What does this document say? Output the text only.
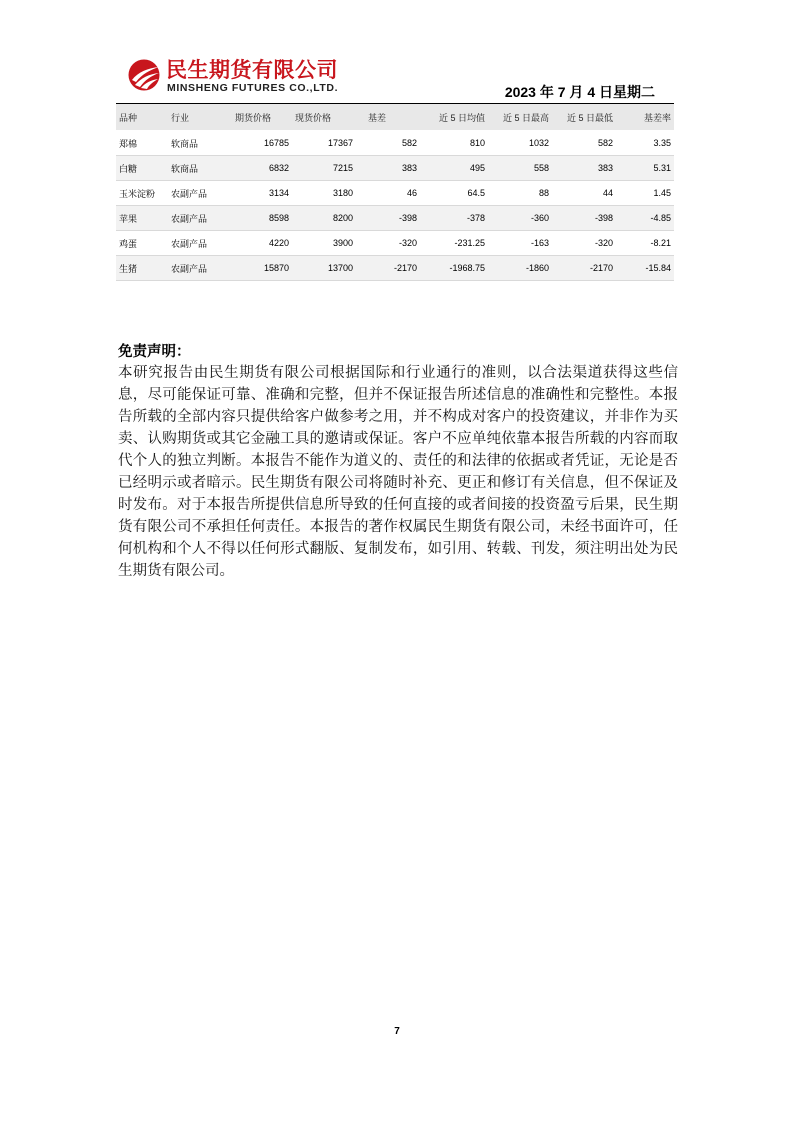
民生期货有限公司
MINSHENG FUTURES CO.,LTD.	2023 年 7 月 4 日星期二
品种	行业	期货价格	现货价格	基差	近 5 日均值	近 5 日最高	近 5 日最低	基差率
郑棉	软商品	16785	17367	582	810	1032	582	3.35
白糖	软商品	6832	7215	383	495	558	383	5.31
玉米淀粉	农副产品	3134	3180	46	64.5	88	44	1.45
苹果	农副产品	8598	8200	-398	-378	-360	-398	-4.85
鸡蛋	农副产品	4220	3900	-320	-231.25	-163	-320	-8.21
生猪	农副产品	15870	13700	-2170	-1968.75	-1860	-2170	-15.84

免责声明：

本研究报告由民生期货有限公司根据国际和行业通行的准则，以合法渠道获得这些信息，尽可能保证可靠、准确和完整，但并不保证报告所述信息的准确性和完整性。本报告所载的全部内容只提供给客户做参考之用，并不构成对客户的投资建议，并非作为买卖、认购期货或其它金融工具的邀请或保证。客户不应单纯依靠本报告所载的内容而取代个人的独立判断。本报告不能作为道义的、责任的和法律的依据或者凭证，无论是否已经明示或者暗示。民生期货有限公司将随时补充、更正和修订有关信息，但不保证及时发布。对于本报告所提供信息所导致的任何直接的或者间接的投资盈亏后果，民生期货有限公司不承担任何责任。本报告的著作权属民生期货有限公司，未经书面许可，任何机构和个人不得以任何形式翻版、复制发布，如引用、转载、刊发，须注明出处为民生期货有限公司。

7
